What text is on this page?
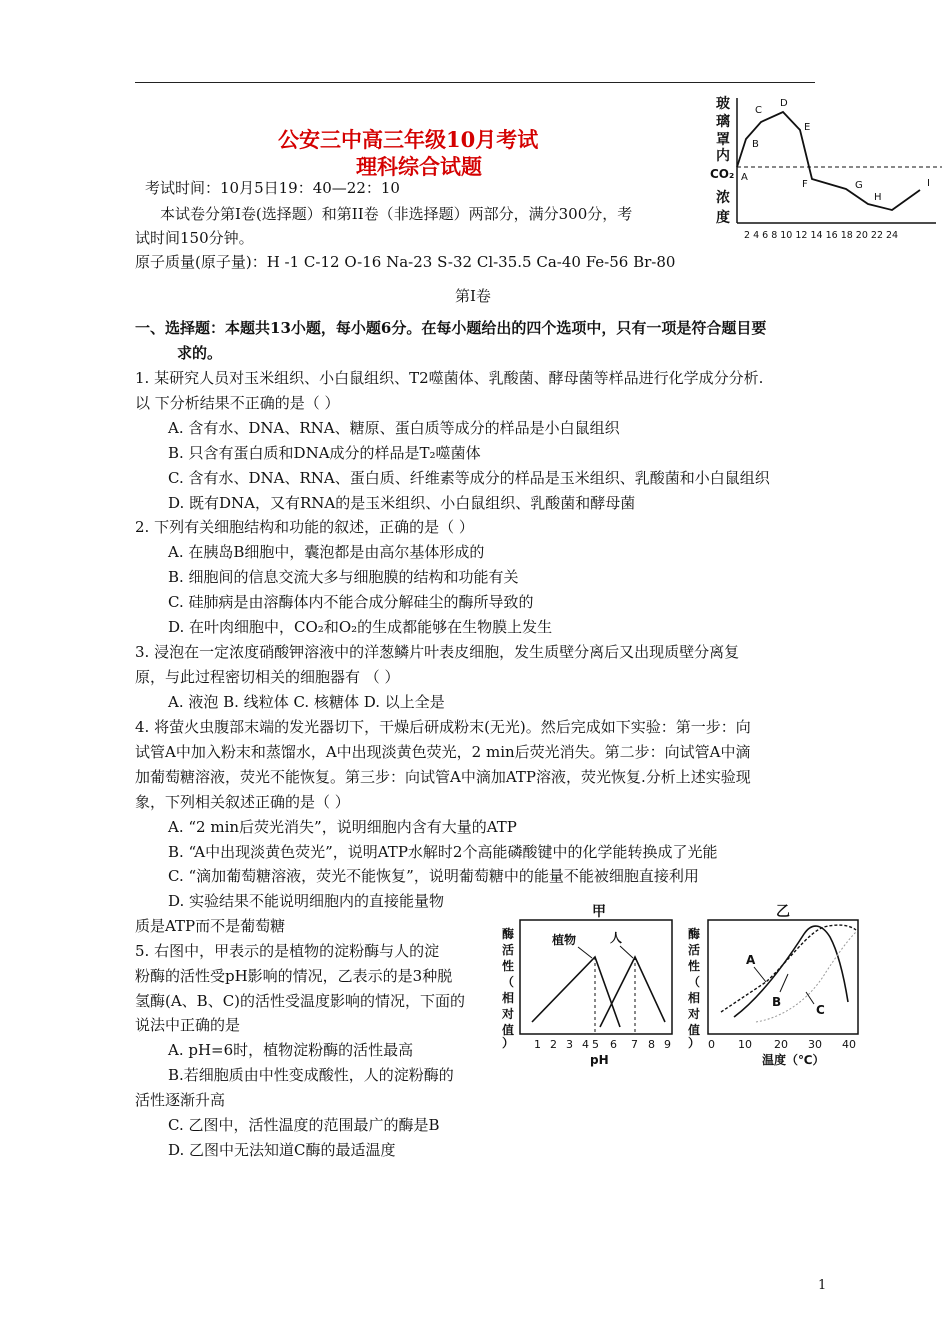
公安三中高三年级10月考试
理科综合试题
考试时间：10月5日19：40—22：10
本试卷分第Ⅰ卷(选择题）和第II卷（非选择题）两部分，满分300分，考
试时间150分钟。
原子质量(原子量)：H -1 C-12 O-16 Na-23 S-32 Cl-35.5 Ca-40 Fe-56 Br-80
第Ⅰ卷
一、选择题：本题共13小题，每小题6分。在每小题给出的四个选项中，只有一项是符合题目要
求的。
1. 某研究人员对玉米组织、小白鼠组织、T2噬菌体、乳酸菌、酵母菌等样品进行化学成分分析.
以 下分析结果不正确的是（ ）
A. 含有水、DNA、RNA、糖原、蛋白质等成分的样品是小白鼠组织
B. 只含有蛋白质和DNA成分的样品是T₂噬菌体
C. 含有水、DNA、RNA、蛋白质、纤维素等成分的样品是玉米组织、乳酸菌和小白鼠组织
D. 既有DNA，又有RNA的是玉米组织、小白鼠组织、乳酸菌和酵母菌
2. 下列有关细胞结构和功能的叙述，正确的是（ ）
A. 在胰岛B细胞中，囊泡都是由高尔基体形成的
B. 细胞间的信息交流大多与细胞膜的结构和功能有关
C. 硅肺病是由溶酶体内不能合成分解硅尘的酶所导致的
D. 在叶肉细胞中，CO₂和O₂的生成都能够在生物膜上发生
3. 浸泡在一定浓度硝酸钾溶液中的洋葱鳞片叶表皮细胞，发生质壁分离后又出现质壁分离复
原，与此过程密切相关的细胞器有 （ ）
A. 液泡 B. 线粒体 C. 核糖体 D. 以上全是
4. 将萤火虫腹部末端的发光器切下，干燥后研成粉末(无光)。然后完成如下实验：第一步：向
试管A中加入粉末和蒸馏水，A中出现淡黄色荧光，2 min后荧光消失。第二步：向试管A中滴
加葡萄糖溶液，荧光不能恢复。第三步：向试管A中滴加ATP溶液，荧光恢复.分析上述实验现
象，下列相关叙述正确的是（ ）
A. “2 min后荧光消失”，说明细胞内含有大量的ATP
B. “A中出现淡黄色荧光”，说明ATP水解时2个高能磷酸键中的化学能转换成了光能
C. “滴加葡萄糖溶液，荧光不能恢复”，说明葡萄糖中的能量不能被细胞直接利用
D. 实验结果不能说明细胞内的直接能量物
质是ATP而不是葡萄糖
5. 右图中，甲表示的是植物的淀粉酶与人的淀
粉酶的活性受pH影响的情况，乙表示的是3种脱
氢酶(A、B、C)的活性受温度影响的情况，下面的
说法中正确的是
A. pH=6时，植物淀粉酶的活性最高
B.若细胞质由中性变成酸性，人的淀粉酶的
活性逐渐升高
C. 乙图中，活性温度的范围最广的酶是B
D. 乙图中无法知道C酶的最适温度
玻
璃
罩
内
CO₂
浓
度
A
B
C
D
E
F	G
H
I
2 4 6 8 10 12 14 16 18 20 22 24
甲
酶
活
性
（
相
对
值
）
植物	人
1 2 3 4 5 6 7 8 9
pH
乙
酶
活
性
（
相
对
值
）
A
B
C
0 10 20 30 40
温度（℃）
1
